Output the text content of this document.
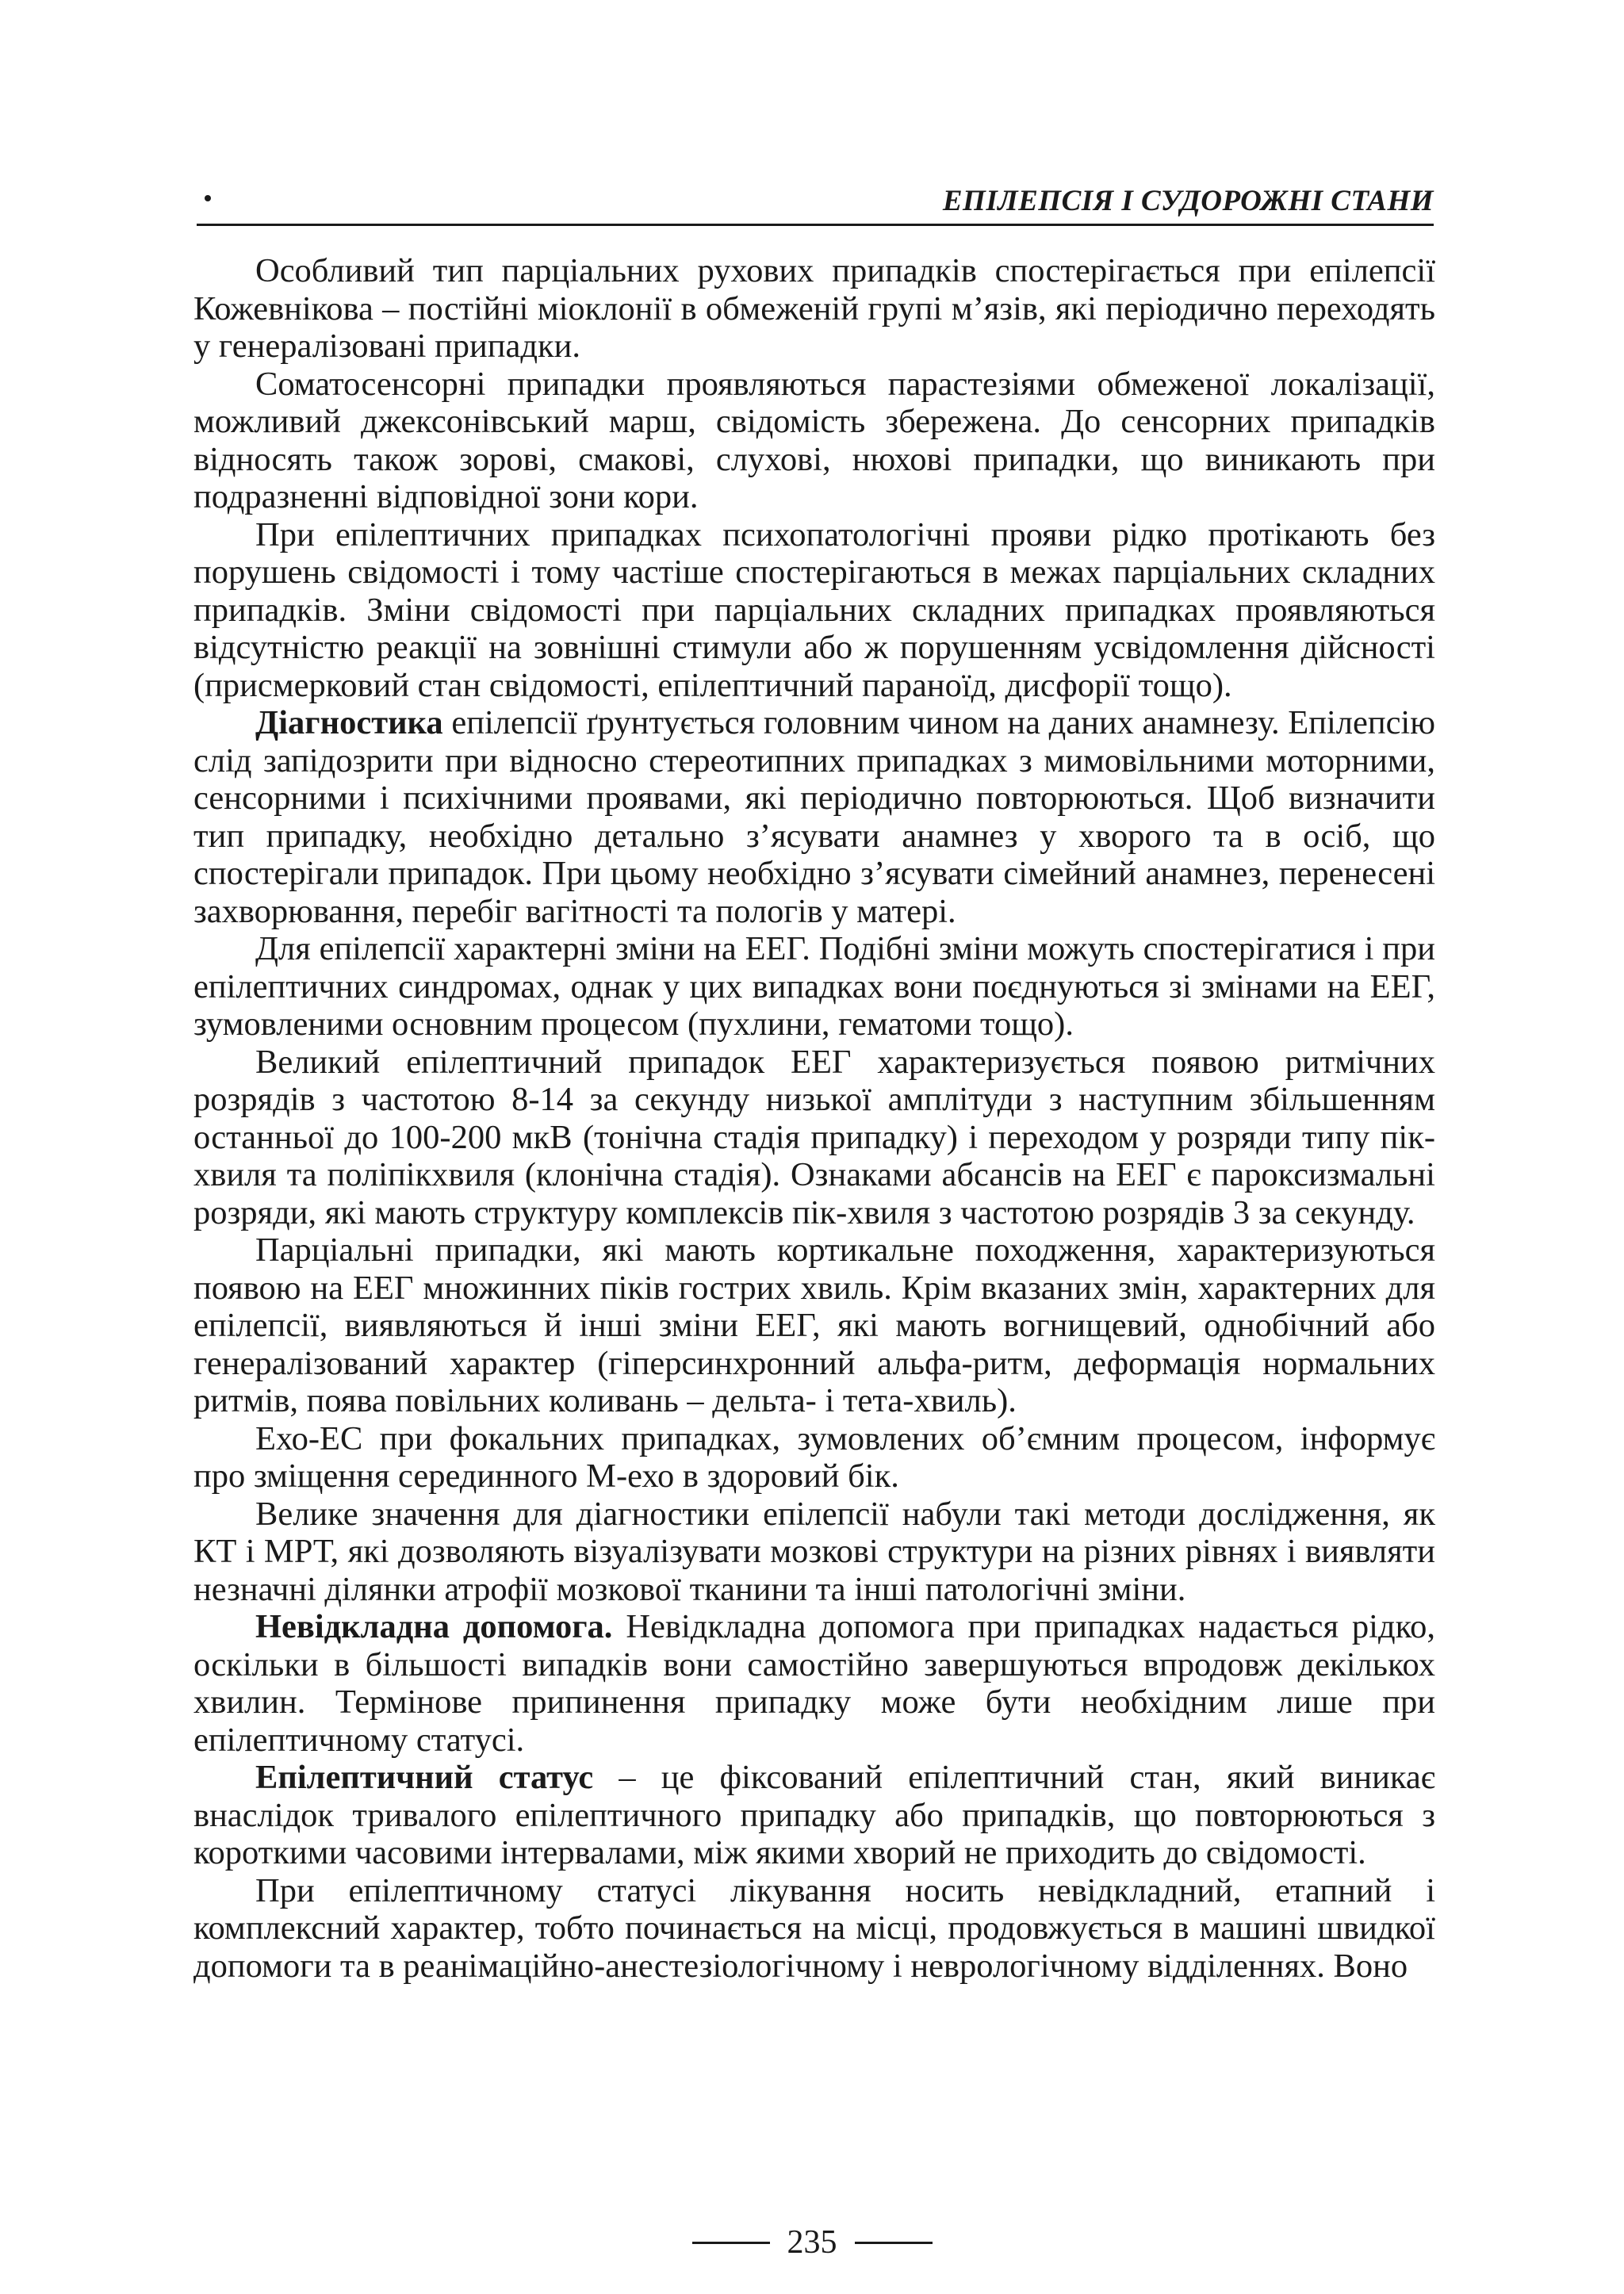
ЕПІЛЕПСІЯ І СУДОРОЖНІ СТАНИ

Особливий тип парціальних рухових припадків спостерігається при епілепсії Кожевнікова – постійні міоклонії в обмеженій групі м’язів, які періодично переходять у генералізовані припадки.

Соматосенсорні припадки проявляються парастезіями обмеженої локалізації, можливий джексонівський марш, свідомість збережена. До сенсорних припадків відносять також зорові, смакові, слухові, нюхові припадки, що виникають при подразненні відповідної зони кори.

При епілептичних припадках психопатологічні прояви рідко протікають без порушень свідомості і тому частіше спостерігаються в межах парціальних складних припадків. Зміни свідомості при парціальних складних припадках проявляються відсутністю реакції на зовнішні стимули або ж порушенням усвідомлення дійсності (присмерковий стан свідомості, епілептичний параноїд, дисфорії тощо).

Діагностика епілепсії ґрунтується головним чином на даних анамнезу. Епілепсію слід запідозрити при відносно стереотипних припадках з мимовільними моторними, сенсорними і психічними проявами, які періодично повторюються. Щоб визначити тип припадку, необхідно детально з’ясувати анамнез у хворого та в осіб, що спостерігали припадок. При цьому необхідно з’ясувати сімейний анамнез, перенесені захворювання, перебіг вагітності та пологів у матері.

Для епілепсії характерні зміни на ЕЕГ. Подібні зміни можуть спостерігатися і при епілептичних синдромах, однак у цих випадках вони поєднуються зі змінами на ЕЕГ, зумовленими основним процесом (пухлини, гематоми тощо).

Великий епілептичний припадок ЕЕГ характеризується появою ритмічних розрядів з частотою 8-14 за секунду низької амплітуди з наступним збільшенням останньої до 100-200 мкВ (тонічна стадія припадку) і переходом у розряди типу пік-хвиля та поліпікхвиля (клонічна стадія). Ознаками абсансів на ЕЕГ є пароксизмальні розряди, які мають структуру комплексів пік-хвиля з частотою розрядів 3 за секунду.

Парціальні припадки, які мають кортикальне походження, характеризуються появою на ЕЕГ множинних піків гострих хвиль. Крім вказаних змін, характерних для епілепсії, виявляються й інші зміни ЕЕГ, які мають вогнищевий, однобічний або генералізований характер (гіперсинхронний альфа-ритм, деформація нормальних ритмів, поява повільних коливань – дельта- і тета-хвиль).

Ехо-ЕС при фокальних припадках, зумовлених об’ємним процесом, інформує про зміщення серединного М-ехо в здоровий бік.

Велике значення для діагностики епілепсії набули такі методи дослідження, як КТ і МРТ, які дозволяють візуалізувати мозкові структури на різних рівнях і виявляти незначні ділянки атрофії мозкової тканини та інші патологічні зміни.

Невідкладна допомога. Невідкладна допомога при припадках надається рідко, оскільки в більшості випадків вони самостійно завершуються впродовж декількох хвилин. Термінове припинення припадку може бути необхідним лише при епілептичному статусі.

Епілептичний статус – це фіксований епілептичний стан, який виникає внаслідок тривалого епілептичного припадку або припадків, що повторюються з короткими часовими інтервалами, між якими хворий не приходить до свідомості.

При епілептичному статусі лікування носить невідкладний, етапний і комплексний характер, тобто починається на місці, продовжується в машині швидкої допомоги та в реанімаційно-анестезіологічному і неврологічному відділеннях. Воно

235
